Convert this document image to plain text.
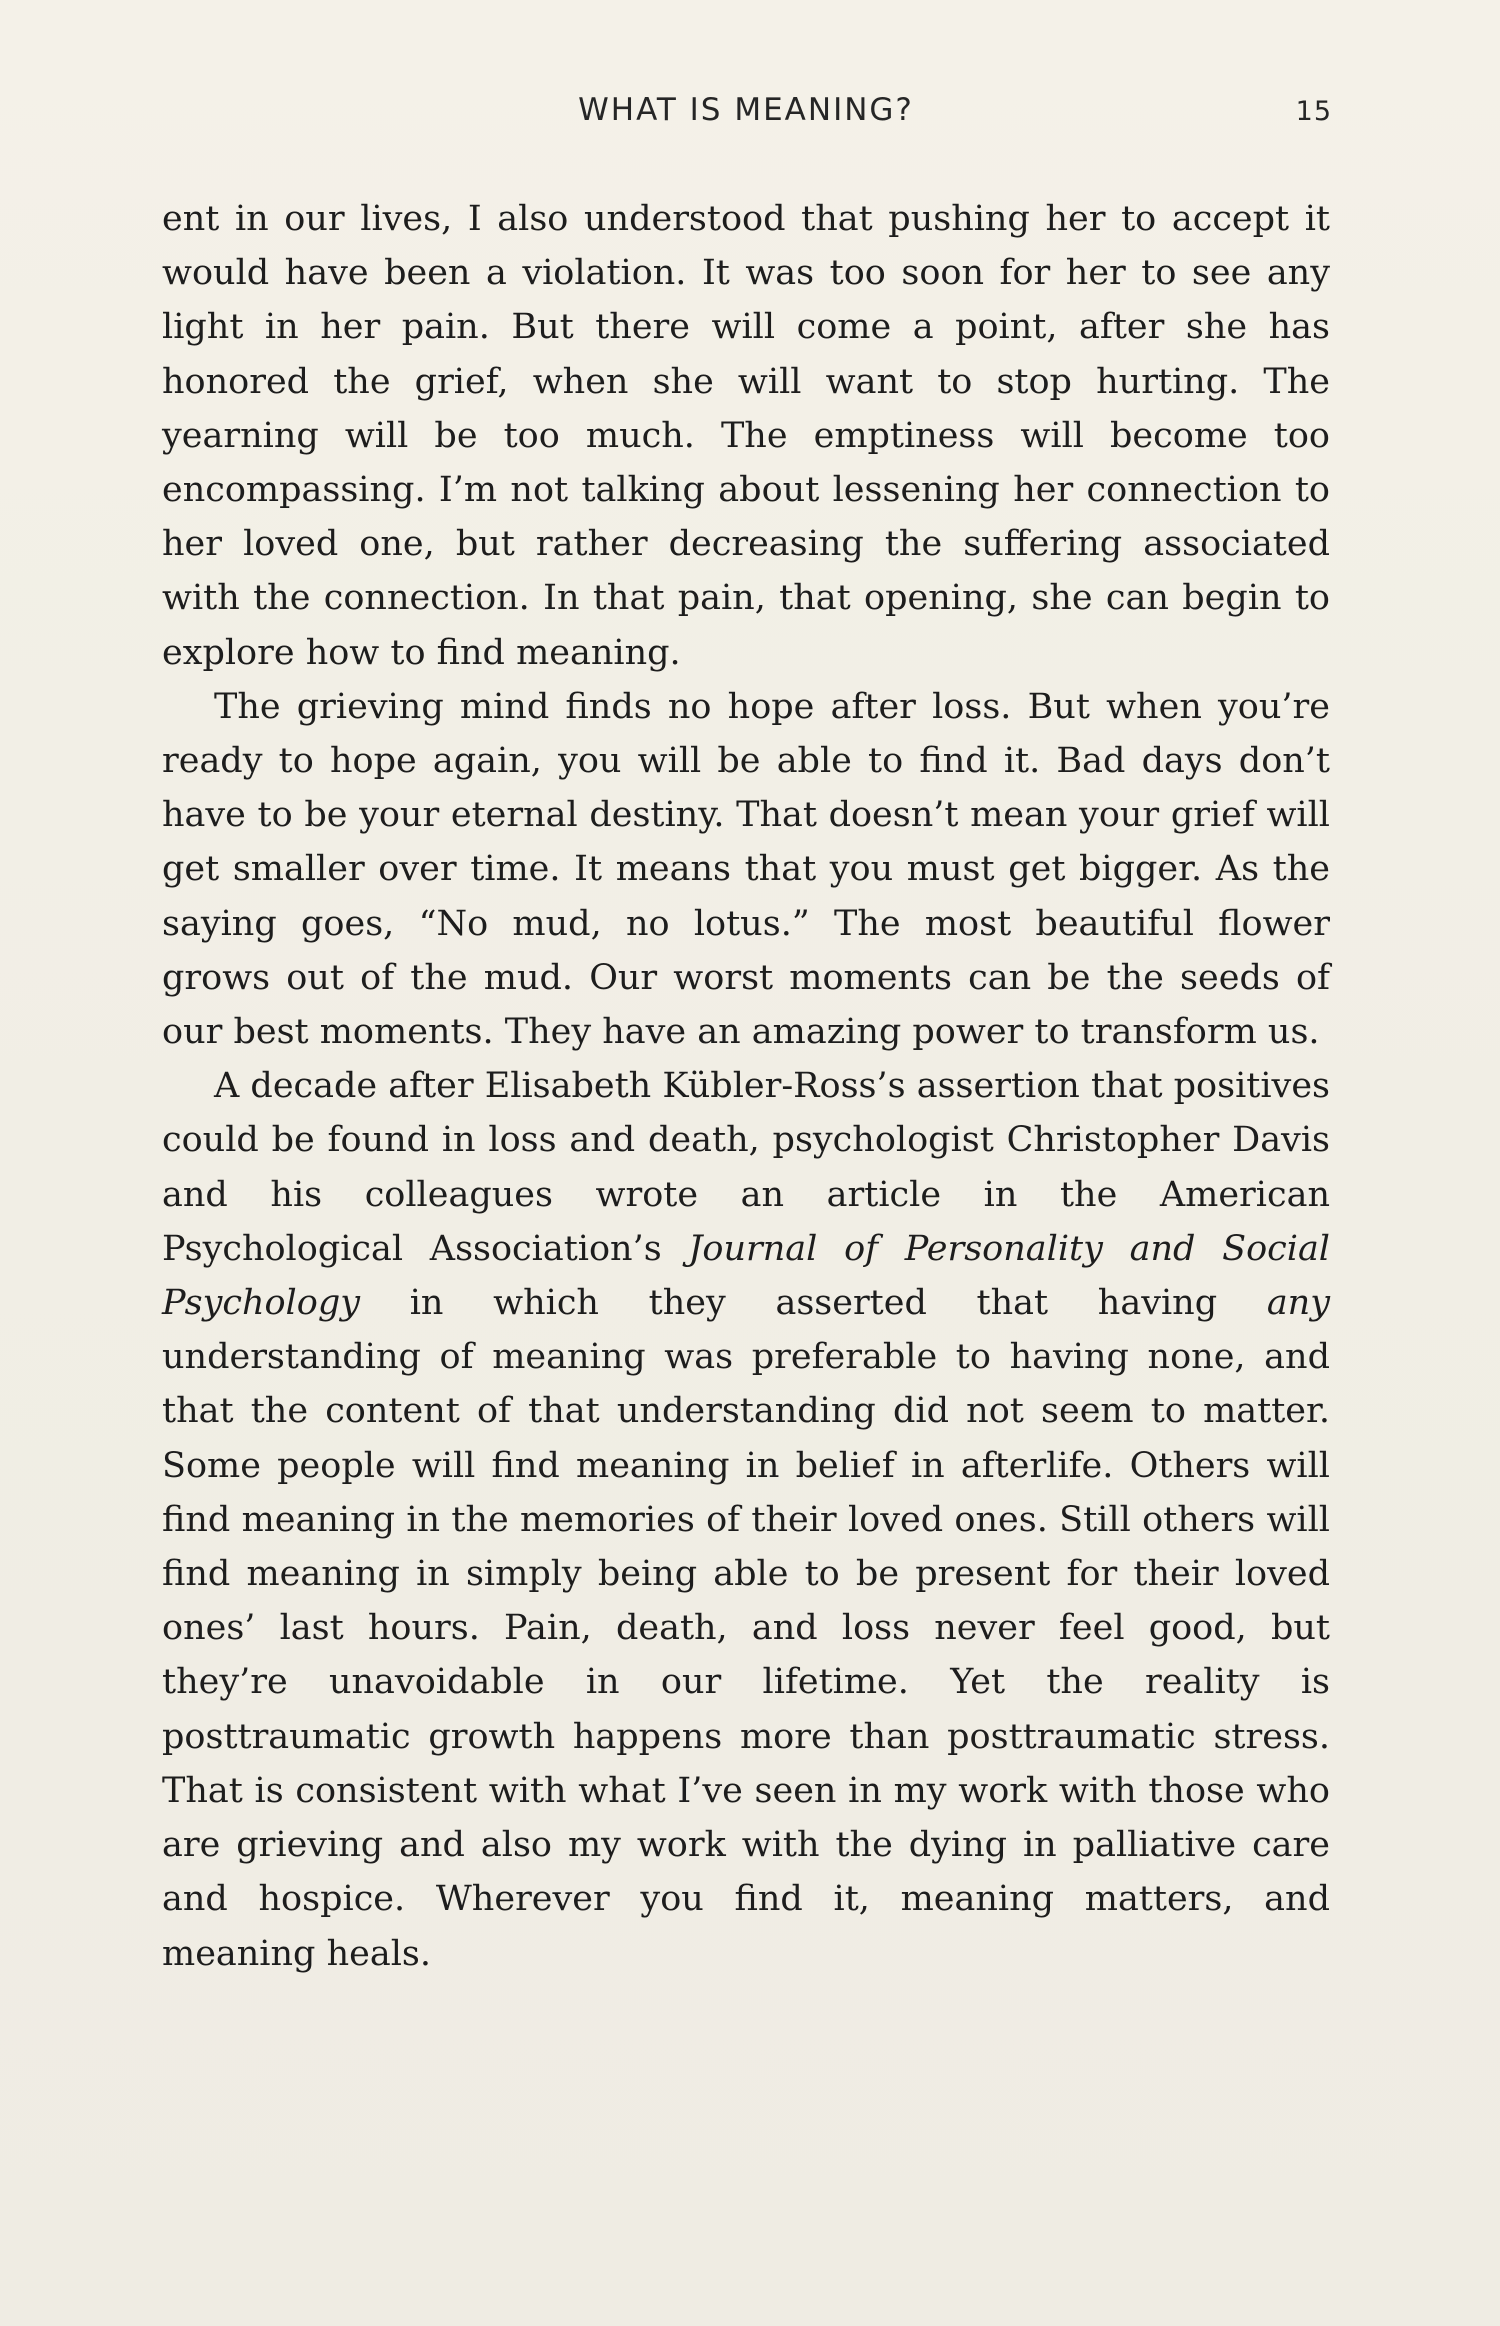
WHAT IS MEANING?	15

ent in our lives, I also understood that pushing her to accept it would have been a violation. It was too soon for her to see any light in her pain. But there will come a point, after she has honored the grief, when she will want to stop hurting. The yearning will be too much. The emptiness will become too encompassing. I’m not talking about lessening her connection to her loved one, but rather decreasing the suffering associated with the connection. In that pain, that opening, she can begin to explore how to find meaning.

The grieving mind finds no hope after loss. But when you’re ready to hope again, you will be able to find it. Bad days don’t have to be your eternal destiny. That doesn’t mean your grief will get smaller over time. It means that you must get bigger. As the saying goes, “No mud, no lotus.” The most beautiful flower grows out of the mud. Our worst moments can be the seeds of our best moments. They have an amazing power to transform us.

A decade after Elisabeth Kübler-Ross’s assertion that positives could be found in loss and death, psychologist Christopher Davis and his colleagues wrote an article in the American Psychological Association’s Journal of Personality and Social Psychology in which they asserted that having any understanding of meaning was preferable to having none, and that the content of that understanding did not seem to matter. Some people will find meaning in belief in afterlife. Others will find meaning in the memories of their loved ones. Still others will find meaning in simply being able to be present for their loved ones’ last hours. Pain, death, and loss never feel good, but they’re unavoidable in our lifetime. Yet the reality is posttraumatic growth happens more than posttraumatic stress. That is consistent with what I’ve seen in my work with those who are grieving and also my work with the dying in palliative care and hospice. Wherever you find it, meaning matters, and meaning heals.
